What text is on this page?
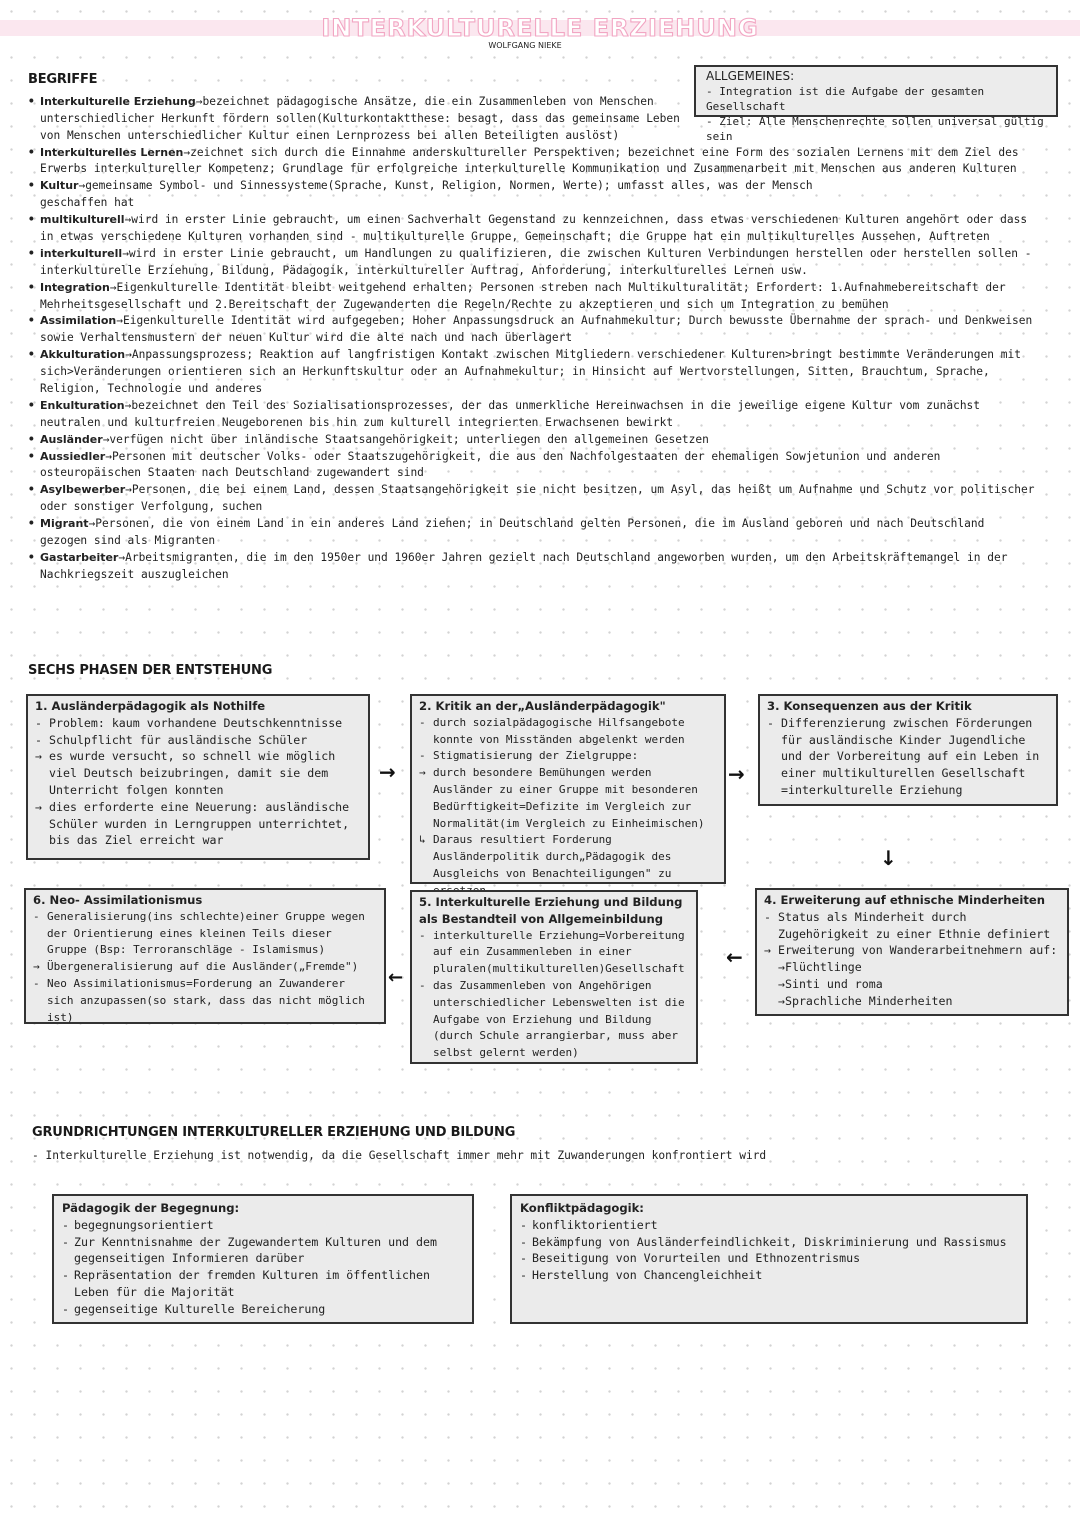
INTERKULTURELLE ERZIEHUNG
WOLFGANG NIEKE
ALLGEMEINES:
- Integration ist die Aufgabe der gesamten Gesellschaft
- Ziel: Alle Menschenrechte sollen universal gültig sein
BEGRIFFE
• Interkulturelle Erziehung→bezeichnet pädagogische Ansätze, die ein Zusammenleben von Menschen unterschiedlicher Herkunft fördern sollen(Kulturkontaktthese: besagt, dass das gemeinsame Leben von Menschen unterschiedlicher Kultur einen Lernprozess bei allen Beteiligten auslöst)
• Interkulturelles Lernen→zeichnet sich durch die Einnahme anderskultureller Perspektiven; bezeichnet eine Form des sozialen Lernens mit dem Ziel des Erwerbs interkultureller Kompetenz; Grundlage für erfolgreiche interkulturelle Kommunikation und Zusammenarbeit mit Menschen aus anderen Kulturen
• Kultur→gemeinsame Symbol- und Sinnessysteme(Sprache, Kunst, Religion, Normen, Werte); umfasst alles, was der Mensch geschaffen hat
• multikulturell→wird in erster Linie gebraucht, um einen Sachverhalt Gegenstand zu kennzeichnen, dass etwas verschiedenen Kulturen angehört oder dass in etwas verschiedene Kulturen vorhanden sind - multikulturelle Gruppe, Gemeinschaft; die Gruppe hat ein multikulturelles Aussehen, Auftreten
• interkulturell→wird in erster Linie gebraucht, um Handlungen zu qualifizieren, die zwischen Kulturen Verbindungen herstellen oder herstellen sollen - interkulturelle Erziehung, Bildung, Pädagogik, interkultureller Auftrag, Anforderung, interkulturelles Lernen usw.
• Integration→Eigenkulturelle Identität bleibt weitgehend erhalten; Personen streben nach Multikulturalität; Erfordert: 1.Aufnahmebereitschaft der Mehrheitsgesellschaft und 2.Bereitschaft der Zugewanderten die Regeln/Rechte zu akzeptieren und sich um Integration zu bemühen
• Assimilation→Eigenkulturelle Identität wird aufgegeben; Hoher Anpassungsdruck an Aufnahmekultur; Durch bewusste Übernahme der sprach- und Denkweisen sowie Verhaltensmustern der neuen Kultur wird die alte nach und nach überlagert
• Akkulturation→Anpassungsprozess; Reaktion auf langfristigen Kontakt zwischen Mitgliedern verschiedener Kulturen>bringt bestimmte Veränderungen mit sich>Veränderungen orientieren sich an Herkunftskultur oder an Aufnahmekultur; in Hinsicht auf Wertvorstellungen, Sitten, Brauchtum, Sprache, Religion, Technologie und anderes
• Enkulturation→bezeichnet den Teil des Sozialisationsprozesses, der das unmerkliche Hereinwachsen in die jeweilige eigene Kultur vom zunächst neutralen und kulturfreien Neugeborenen bis hin zum kulturell integrierten Erwachsenen bewirkt
• Ausländer→verfügen nicht über inländische Staatsangehörigkeit; unterliegen den allgemeinen Gesetzen
• Aussiedler→Personen mit deutscher Volks- oder Staatszugehörigkeit, die aus den Nachfolgestaaten der ehemaligen Sowjetunion und anderen osteuropäischen Staaten nach Deutschland zugewandert sind
• Asylbewerber→Personen, die bei einem Land, dessen Staatsangehörigkeit sie nicht besitzen, um Asyl, das heißt um Aufnahme und Schutz vor politischer oder sonstiger Verfolgung, suchen
• Migrant→Personen, die von einem Land in ein anderes Land ziehen; in Deutschland gelten Personen, die im Ausland geboren und nach Deutschland gezogen sind als Migranten
• Gastarbeiter→Arbeitsmigranten, die im den 1950er und 1960er Jahren gezielt nach Deutschland angeworben wurden, um den Arbeitskräftemangel in der Nachkriegszeit auszugleichen
SECHS PHASEN DER ENTSTEHUNG
1. Ausländerpädagogik als Nothilfe
- Problem: kaum vorhandene Deutschkenntnisse
- Schulpflicht für ausländische Schüler
→ es wurde versucht, so schnell wie möglich viel Deutsch beizubringen, damit sie dem Unterricht folgen konnten
→ dies erforderte eine Neuerung: ausländische Schüler wurden in Lerngruppen unterrichtet, bis das Ziel erreicht war
→
2. Kritik an der„Ausländerpädagogik"
- durch sozialpädagogische Hilfsangebote konnte von Misständen abgelenkt werden
- Stigmatisierung der Zielgruppe:
→ durch besondere Bemühungen werden Ausländer zu einer Gruppe mit besonderen Bedürftigkeit=Defizite im Vergleich zur Normalität(im Vergleich zu Einheimischen)
↳ Daraus resultiert Forderung Ausländerpolitik durch„Pädagogik des Ausgleichs von Benachteiligungen" zu
→
3. Konsequenzen aus der Kritik
- Differenzierung zwischen Förderungen für ausländische Kinder Jugendliche und der Vorbereitung auf ein Leben in einer multikulturellen Gesellschaft =interkulturelle Erziehung
↓
4. Erweiterung auf ethnische Minderheiten
- Status als Minderheit durch Zugehörigkeit zu einer Ethnie definiert
→ Erweiterung von Wanderarbeitnehmern auf:
→Flüchtlinge
→Sinti und roma
→Sprachliche Minderheiten
←
5. Interkulturelle Erziehung und Bildung als Bestandteil von Allgemeinbildung
- interkulturelle Erziehung=Vorbereitung auf ein Zusammenleben in einer pluralen(multikulturellen)Gesellschaft
- das Zusammenleben von Angehörigen unterschiedlicher Lebenswelten ist die Aufgabe von Erziehung und Bildung (durch Schule arrangierbar, muss aber selbst gelernt werden)
←
6. Neo- Assimilationismus
- Generalisierung(ins schlechte)einer Gruppe wegen der Orientierung eines kleinen Teils dieser Gruppe (Bsp: Terroranschläge - Islamismus)
→ Übergeneralisierung auf die Ausländer(„Fremde")
- Neo Assimilationismus=Forderung an Zuwanderer sich anzupassen(so stark, dass das nicht möglich ist)
GRUNDRICHTUNGEN INTERKULTURELLER ERZIEHUNG UND BILDUNG
- Interkulturelle Erziehung ist notwendig, da die Gesellschaft immer mehr mit Zuwanderungen konfrontiert wird
Pädagogik der Begegnung:
- begegnungsorientiert
- Zur Kenntnisnahme der Zugewandertem Kulturen und dem gegenseitigen Informieren darüber
- Repräsentation der fremden Kulturen im öffentlichen Leben für die Majorität
- gegenseitige Kulturelle Bereicherung
Konfliktpädagogik:
- konfliktorientiert
- Bekämpfung von Ausländerfeindlichkeit, Diskriminierung und Rassismus
- Beseitigung von Vorurteilen und Ethnozentrismus
- Herstellung von Chancengleichheit
